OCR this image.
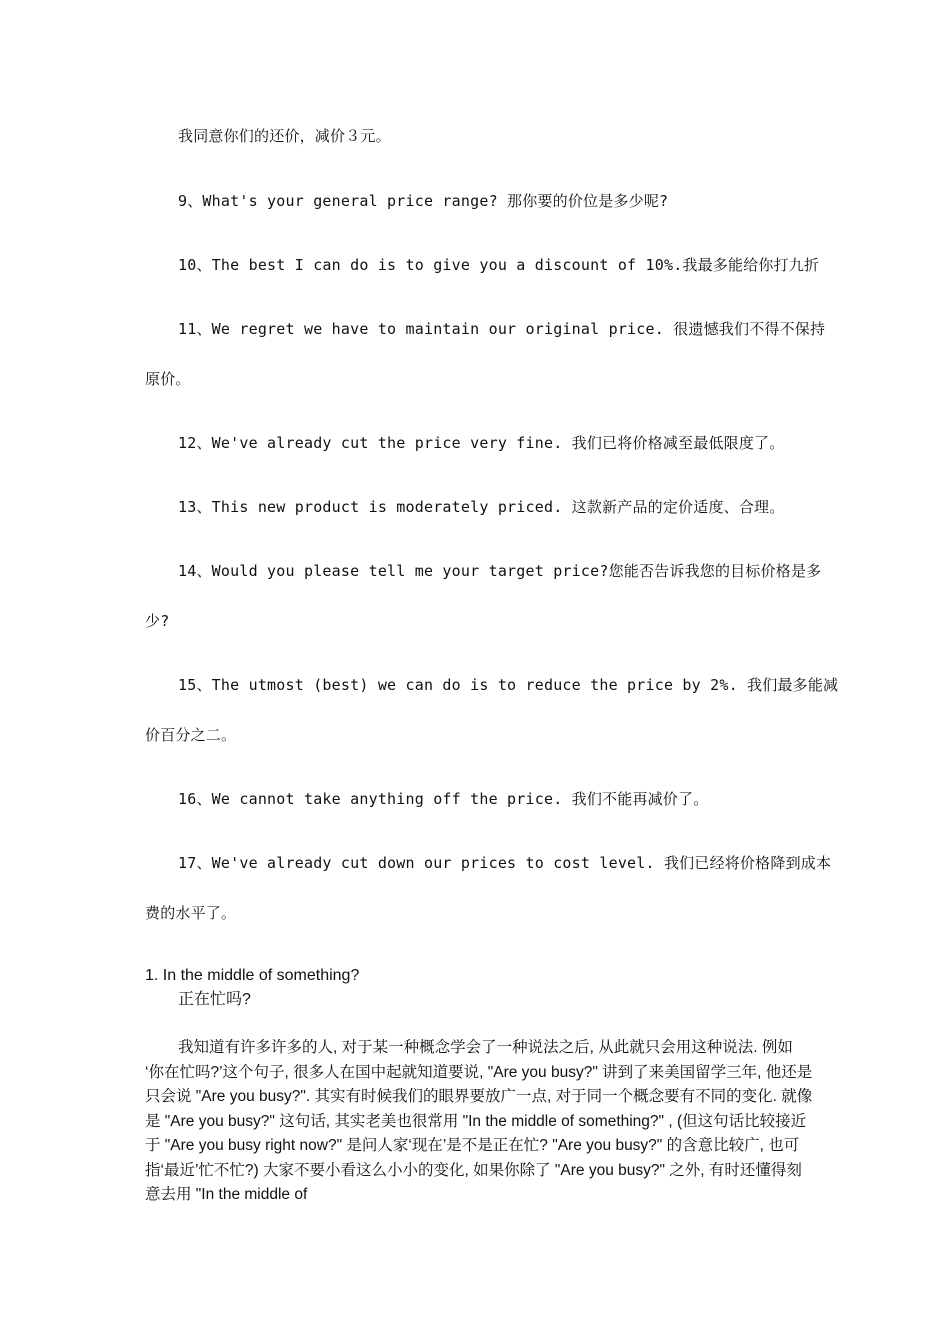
我同意你们的还价，减价３元。
9、What's your general price range? 那你要的价位是多少呢?
10、The best I can do is to give you a discount of 10%.我最多能给你打九折
11、We regret we have to maintain our original price. 很遗憾我们不得不保持
原价。
12、We've already cut the price very fine. 我们已将价格减至最低限度了。
13、This new product is moderately priced. 这款新产品的定价适度、合理。
14、Would you please tell me your target price?您能否告诉我您的目标价格是多
少?
15、The utmost (best) we can do is to reduce the price by 2%. 我们最多能减
价百分之二。
16、We cannot take anything off the price. 我们不能再减价了。
17、We've already cut down our prices to cost level. 我们已经将价格降到成本
费的水平了。
1. In the middle of something?
正在忙吗?
我知道有许多许多的人, 对于某一种概念学会了一种说法之后, 从此就只会用这种说法. 例如 ‘你在忙吗?’这个句子, 很多人在国中起就知道要说, "Are you busy?" 讲到了来美国留学三年, 他还是只会说 "Are you busy?". 其实有时候我们的眼界要放广一点, 对于同一个概念要有不同的变化. 就像是 "Are you busy?" 这句话, 其实老美也很常用 "In the middle of something?" , (但这句话比较接近于 "Are you busy right now?" 是问人家‘现在’是不是正在忙? "Are you busy?" 的含意比较广, 也可指‘最近’忙不忙?) 大家不要小看这么小小的变化, 如果你除了 "Are you busy?" 之外, 有时还懂得刻意去用 "In the middle of
